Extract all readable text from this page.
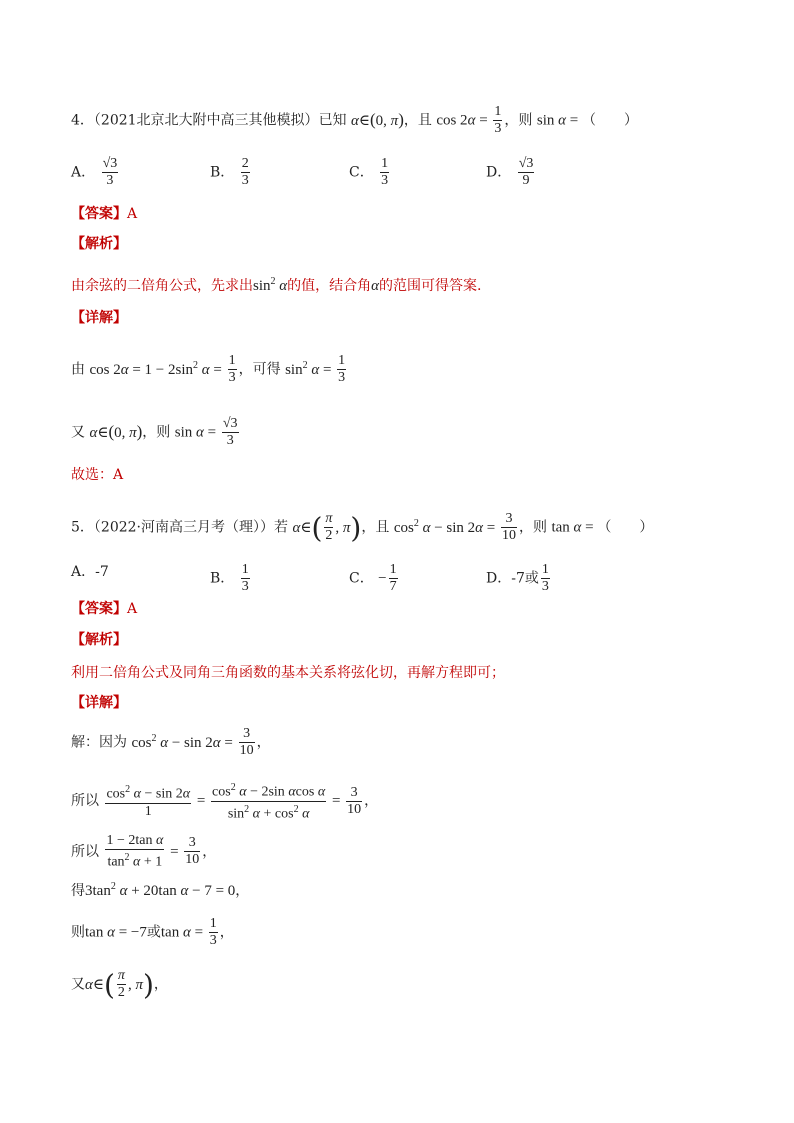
4．（2021北京北大附中高三其他模拟）已知 α∈(0, π)，且 $\cos 2\alpha = \frac{1}{3}$ ，则 sin α = （　　）
A． $\frac{√3}{3}$	B． $\frac{2}{3}$	C． $\frac{1}{3}$	D． $\frac{√3}{9}$
【答案】A
【解析】
由余弦的二倍角公式，先求出$\sin^2 \alpha$的值，结合角α的范围可得答案.
【详解】
由 $\cos 2\alpha = 1 - 2\sin^2$ $\alpha = \frac{1}{3}$ ，可得 $\sin^2 \alpha = \frac{1}{3}$
又 α∈(0, π)，则 $\sin \alpha = \frac{√3}{3}$
故选：A
5．（2022·河南高三月考（理））若 α∈( $\frac{\pi}{2}$ , π)，且 $\cos^2 \alpha - \sin 2\alpha = \frac{3}{10}$ ，则 tan α = （　　）
A．-7	B． $\frac{1}{3}$	C． − $\frac{1}{7}$	D．-7或 $\frac{1}{3}$
【答案】A
【解析】
利用二倍角公式及同角三角函数的基本关系将弦化切，再解方程即可；
【详解】
解：因为 $\cos^2 \alpha - \sin 2\alpha = \frac{3}{10}$ ，
所以 $\frac{\cos^2 \alpha - \sin 2\alpha}{1} = \frac{\cos^2 \alpha - 2\sin \alpha\cos \alpha}{\sin^2 \alpha + \cos^2 \alpha} = \frac{3}{10}$ ，
所以 $\frac{\text{1 − 2tan α}}{\tan^2 \alpha + 1} = \frac{3}{10}$ ，
得$3\tan^2$ α + 20tan α − 7 = 0，
则tan α = −7或$\tan \alpha = \frac{1}{3}$ ，
又α∈( $\frac{\pi}{2}$ , π)，
